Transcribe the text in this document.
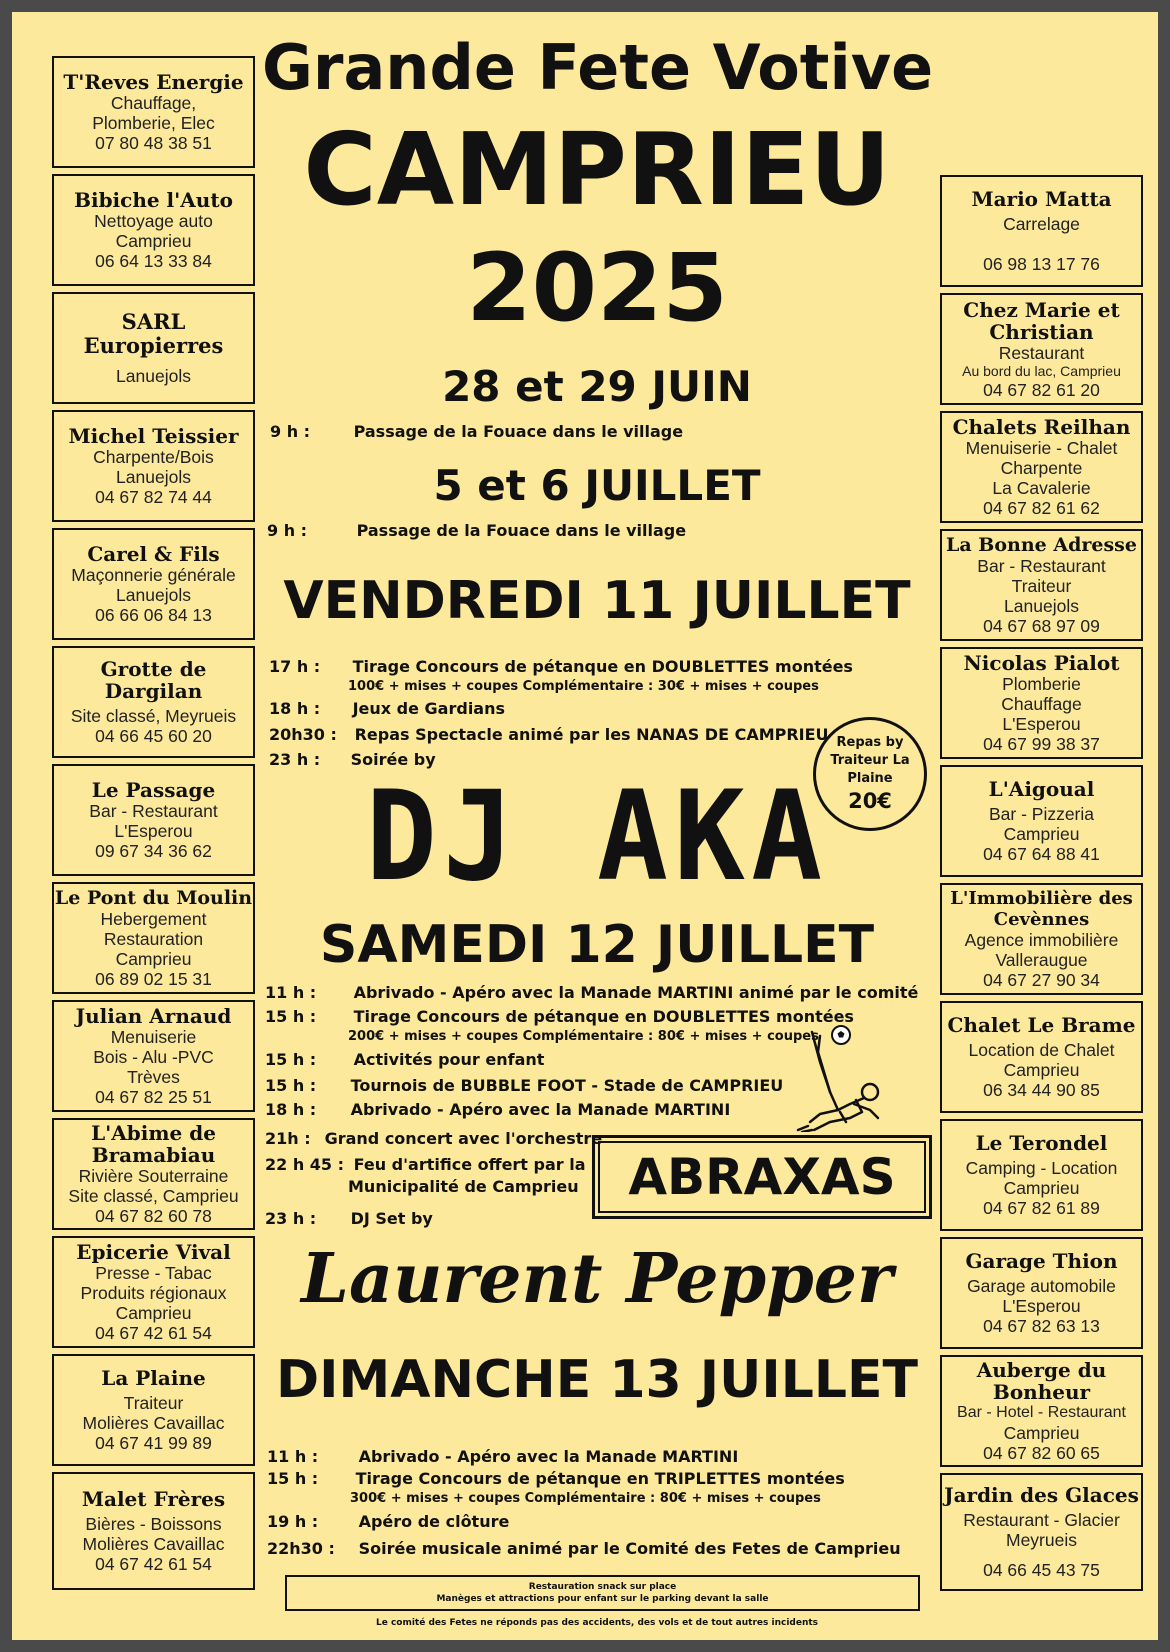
T'Reves Energie
Chauffage,
Plomberie, Elec
07 80 48 38 51
Bibiche l'Auto
Nettoyage auto
Camprieu
06 64 13 33 84
SARL Europierres
Lanuejols
Michel Teissier
Charpente/Bois
Lanuejols
04 67 82 74 44
Carel & Fils
Maçonnerie générale
Lanuejols
06 66 06 84 13
Grotte de Dargilan
Site classé, Meyrueis
04 66 45 60 20
Le Passage
Bar - Restaurant
L'Esperou
09 67 34 36 62
Le Pont du Moulin
Hebergement
Restauration
Camprieu
06 89 02 15 31
Julian Arnaud
Menuiserie
Bois - Alu -PVC
Trèves
04 67 82 25 51
L'Abime de Bramabiau
Rivière Souterraine
Site classé, Camprieu
04 67 82 60 78
Epicerie Vival
Presse - Tabac
Produits régionaux
Camprieu
04 67 42 61 54
La Plaine
Traiteur
Molières Cavaillac
04 67 41 99 89
Malet Frères
Bières - Boissons
Molières Cavaillac
04 67 42 61 54
Mario Matta
Carrelage
06 98 13 17 76
Chez Marie et Christian
Restaurant
Au bord du lac, Camprieu
04 67 82 61 20
Chalets Reilhan
Menuiserie - Chalet
Charpente
La Cavalerie
04 67 82 61 62
La Bonne Adresse
Bar - Restaurant
Traiteur
Lanuejols
04 67 68 97 09
Nicolas Pialot
Plomberie
Chauffage
L'Esperou
04 67 99 38 37
L'Aigoual
Bar - Pizzeria
Camprieu
04 67 64 88 41
L'Immobilière des Cevènnes
Agence immobilière
Valleraugue
04 67 27 90 34
Chalet Le Brame
Location de Chalet
Camprieu
06 34 44 90 85
Le Terondel
Camping - Location
Camprieu
04 67 82 61 89
Garage Thion
Garage automobile
L'Esperou
04 67 82 63 13
Auberge du Bonheur
Bar - Hotel - Restaurant
Camprieu
04 67 82 60 65
Jardin des Glaces
Restaurant - Glacier
Meyrueis
04 66 45 43 75
Grande Fete Votive
CAMPRIEU
2025
28 et 29 JUIN
9 h :	Passage de la Fouace dans le village
5 et 6 JUILLET
9 h :	Passage de la Fouace dans le village
VENDREDI 11 JUILLET
17 h : Tirage Concours de pétanque en DOUBLETTES montées
100€ + mises + coupes Complémentaire : 30€ + mises + coupes
18 h : Jeux de Gardians
20h30 : Repas Spectacle animé par les NANAS DE CAMPRIEU
23 h : Soirée by
Repas by
Traiteur La
Plaine
20€
DJ AKA
SAMEDI 12 JUILLET
11 h : Abrivado - Apéro avec la Manade MARTINI animé par le comité
15 h : Tirage Concours de pétanque en DOUBLETTES montées
200€ + mises + coupes Complémentaire : 80€ + mises + coupes
15 h : Activités pour enfant
15 h : Tournois de BUBBLE FOOT - Stade de CAMPRIEU
18 h : Abrivado - Apéro avec la Manade MARTINI
21h : Grand concert avec l'orchestre
22 h 45 : Feu d'artifice offert par la
Municipalité de Camprieu
23 h : DJ Set by
ABRAXAS
Laurent Pepper
DIMANCHE 13 JUILLET
11 h :	Abrivado - Apéro avec la Manade MARTINI
15 h : Tirage Concours de pétanque en TRIPLETTES montées
300€ + mises + coupes Complémentaire : 80€ + mises + coupes
19 h :	Apéro de clôture
22h30 : Soirée musicale animé par le Comité des Fetes de Camprieu
Restauration snack sur place
Manèges et attractions pour enfant sur le parking devant la salle
Le comité des Fetes ne réponds pas des accidents, des vols et de tout autres incidents
